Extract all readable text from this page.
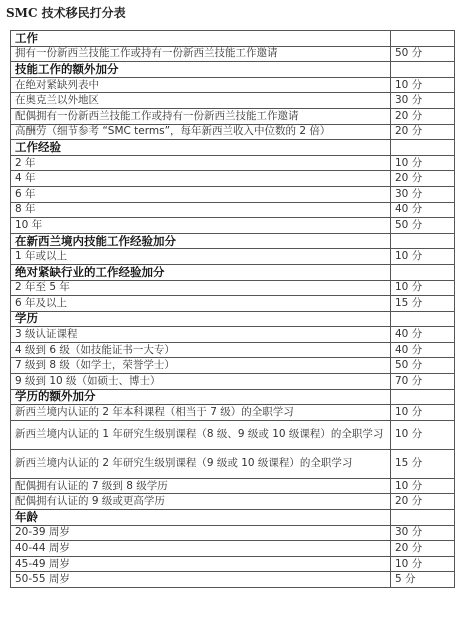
SMC 技术移民打分表
工作	
拥有一份新西兰技能工作或持有一份新西兰技能工作邀请	50 分
技能工作的额外加分	
在绝对紧缺列表中	10 分
在奥克兰以外地区	30 分
配偶拥有一份新西兰技能工作或持有一份新西兰技能工作邀请	20 分
高酬劳（细节参考 “SMC terms”，每年新西兰收入中位数的 2 倍）	20 分
工作经验	
2 年	10 分
4 年	20 分
6 年	30 分
8 年	40 分
10 年	50 分
在新西兰境内技能工作经验加分	
1 年或以上	10 分
绝对紧缺行业的工作经验加分	
2 年至 5 年	10 分
6 年及以上	15 分
学历	
3 级认证课程	40 分
4 级到 6 级（如技能证书一大专）	40 分
7 级到 8 级（如学士，荣誉学士）	50 分
9 级到 10 级（如硕士、博士）	70 分
学历的额外加分	
新西兰境内认证的 2 年本科课程（相当于 7 级）的全职学习	10 分
新西兰境内认证的 1 年研究生级别课程（8 级、9 级或 10 级课程）的全职学习	10 分
新西兰境内认证的 2 年研究生级别课程（9 级或 10 级课程）的全职学习	15 分
配偶拥有认证的 7 级到 8 级学历	10 分
配偶拥有认证的 9 级或更高学历	20 分
年龄	
20-39 周岁	30 分
40-44 周岁	20 分
45-49 周岁	10 分
50-55 周岁	5 分
